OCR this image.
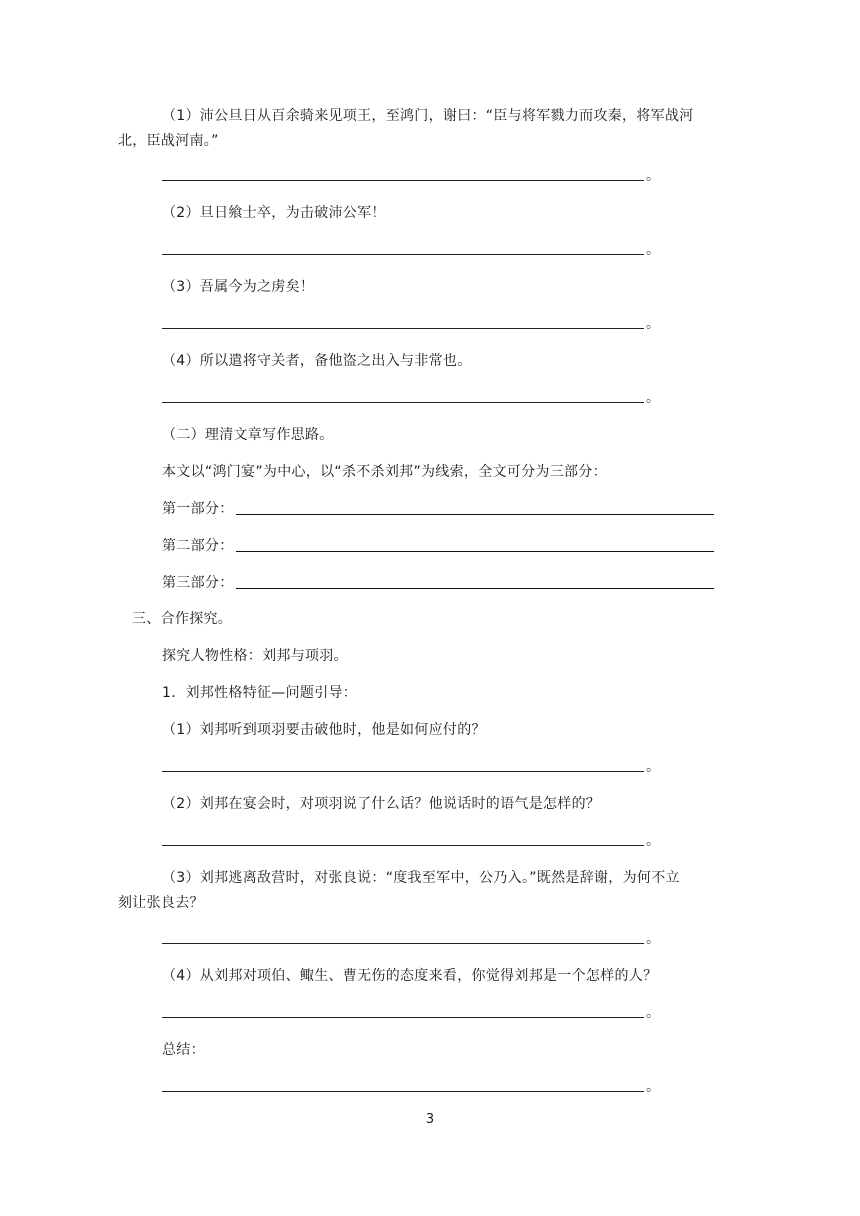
（1）沛公旦日从百余骑来见项王，至鸿门，谢曰：“臣与将军戮力而攻秦，将军战河
北，臣战河南。”
。
（2）旦日飨士卒，为击破沛公军！
。
（3）吾属今为之虏矣！
。
（4）所以遣将守关者，备他盗之出入与非常也。
。
（二）理清文章写作思路。
本文以“鸿门宴”为中心，以“杀不杀刘邦”为线索，全文可分为三部分：
第一部分：
第二部分：
第三部分：
三、合作探究。
探究人物性格：刘邦与项羽。
1．刘邦性格特征—问题引导：
（1）刘邦听到项羽要击破他时，他是如何应付的？
。
（2）刘邦在宴会时，对项羽说了什么话？他说话时的语气是怎样的？
。
（3）刘邦逃离敌营时，对张良说：“度我至军中，公乃入。”既然是辞谢，为何不立
刻让张良去？
。
（4）从刘邦对项伯、鲰生、曹无伤的态度来看，你觉得刘邦是一个怎样的人？
。
总结：
。
3
